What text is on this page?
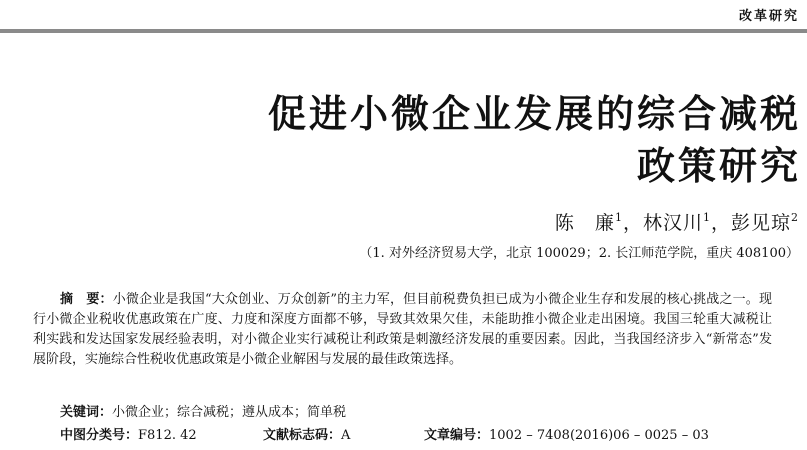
改革研究
促进小微企业发展的综合减税
政策研究
陈　廉$^1$，林汉川$^1$，彭见琼$^2$
（1. 对外经济贸易大学，北京 100029；2. 长江师范学院，重庆 408100）

摘　要：小微企业是我国“大众创业、万众创新”的主力军，但目前税费负担已成为小微企业生存和发展的核心挑战之一。现行小微企业税收优惠政策在广度、力度和深度方面都不够，导致其效果欠佳，未能助推小微企业走出困境。我国三轮重大减税让利实践和发达国家发展经验表明，对小微企业实行减税让利政策是刺激经济发展的重要因素。因此，当我国经济步入“新常态”发展阶段，实施综合性税收优惠政策是小微企业解困与发展的最佳政策选择。

关键词：小微企业；综合减税；遵从成本；简单税
中图分类号：F812. 42	文献标志码：A	文章编号：1002 – 7408(2016)06 – 0025 – 03
